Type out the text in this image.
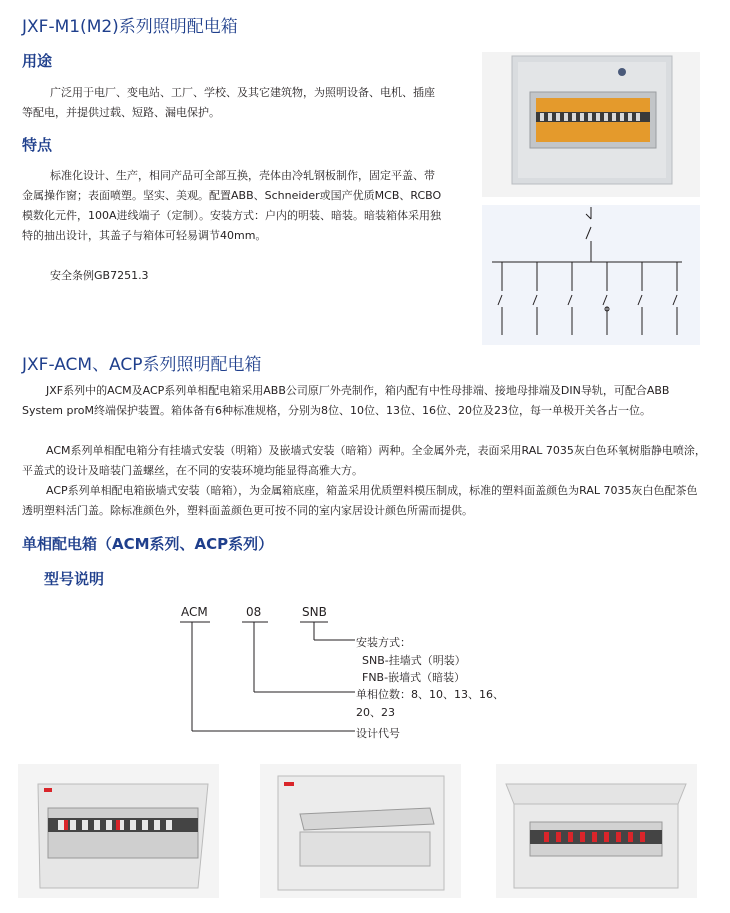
JXF-M1(M2)系列照明配电箱
用途
广泛用于电厂、变电站、工厂、学校、及其它建筑物，为照明设备、电机、插座等配电，并提供过载、短路、漏电保护。
特点
标准化设计、生产，相同产品可全部互换，壳体由冷轧钢板制作，固定平盖、带金属操作窗；表面喷塑。坚实、美观。配置ABB、Schneider或国产优质MCB、RCBO模数化元件，100A进线端子（定制）。安装方式：户内的明装、暗装。暗装箱体采用独特的抽出设计，其盖子与箱体可轻易调节40mm。
安全条例GB7251.3
JXF-ACM、ACP系列照明配电箱
JXF系列中的ACM及ACP系列单相配电箱采用ABB公司原厂外壳制作，箱内配有中性母排端、接地母排端及DIN导轨，可配合ABB System proM终端保护装置。箱体备有6种标准规格，分别为8位、10位、13位、16位、20位及23位，每一单极开关各占一位。
ACM系列单相配电箱分有挂墙式安装（明箱）及嵌墙式安装（暗箱）两种。全金属外壳，表面采用RAL 7035灰白色环氧树脂静电喷涂，平盖式的设计及暗装门盖螺丝，在不同的安装环境均能显得高雅大方。
ACP系列单相配电箱嵌墙式安装（暗箱），为金属箱底座，箱盖采用优质塑料模压制成，标准的塑料面盖颜色为RAL 7035灰白色配茶色透明塑料活门盖。除标准颜色外，塑料面盖颜色更可按不同的室内家居设计颜色所需而提供。
单相配电箱（ACM系列、ACP系列）
型号说明
ACM	08	SNB
安装方式：
SNB-挂墙式（明装）
FNB-嵌墙式（暗装）
单相位数：8、10、13、16、
20、23
设计代号
